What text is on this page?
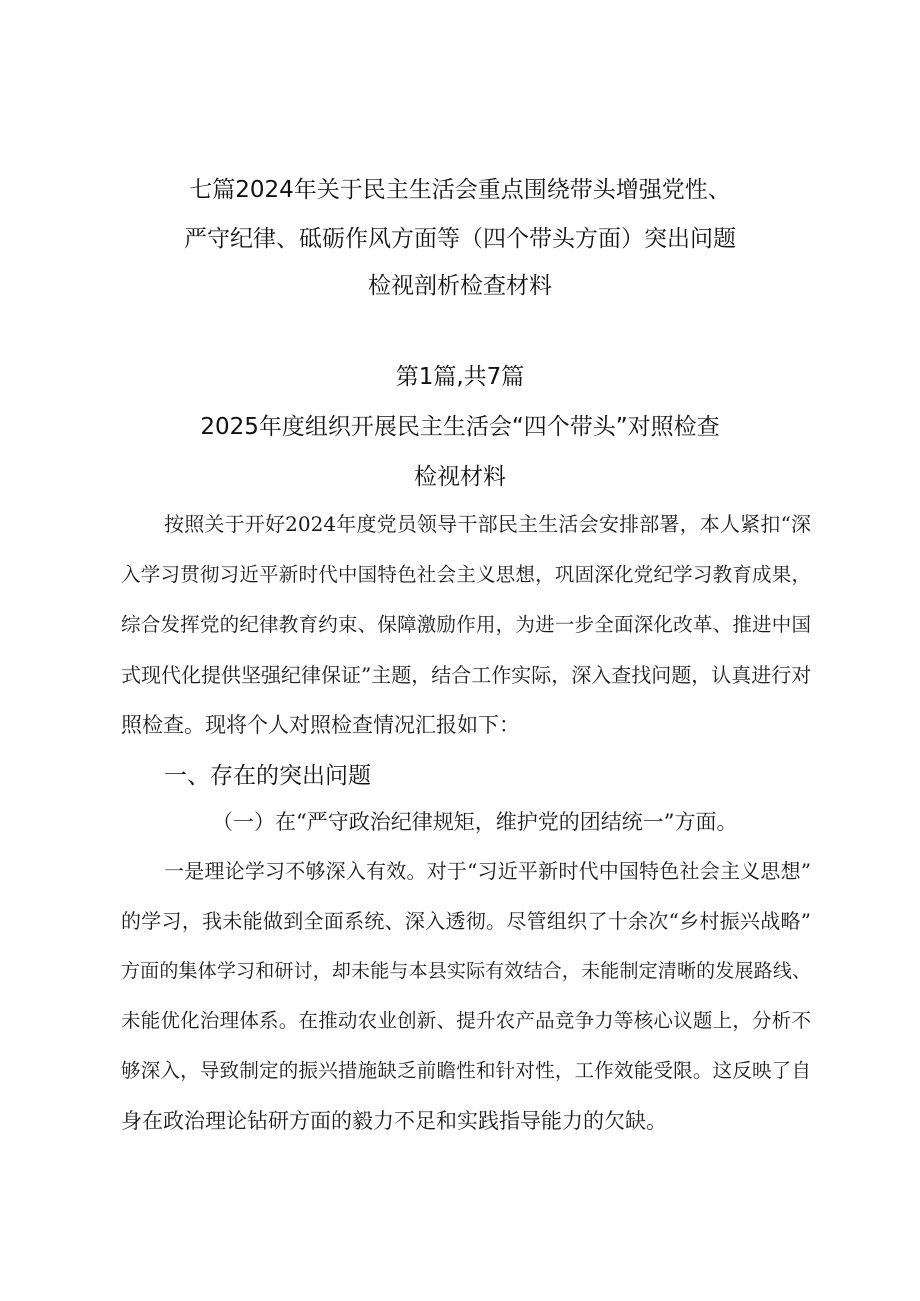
七篇2024年关于民主生活会重点围绕带头增强党性、
严守纪律、砥砺作风方面等（四个带头方面）突出问题
检视剖析检查材料
第1篇,共7篇
2025年度组织开展民主生活会“四个带头”对照检查
检视材料
按照关于开好2024年度党员领导干部民主生活会安排部署，本人紧扣“深
入学习贯彻习近平新时代中国特色社会主义思想，巩固深化党纪学习教育成果，
综合发挥党的纪律教育约束、保障激励作用，为进一步全面深化改革、推进中国
式现代化提供坚强纪律保证”主题，结合工作实际，深入查找问题，认真进行对
照检查。现将个人对照检查情况汇报如下：
一、存在的突出问题
（一）在“严守政治纪律规矩，维护党的团结统一”方面。
一是理论学习不够深入有效。对于“习近平新时代中国特色社会主义思想”
的学习，我未能做到全面系统、深入透彻。尽管组织了十余次“乡村振兴战略”
方面的集体学习和研讨，却未能与本县实际有效结合，未能制定清晰的发展路线、
未能优化治理体系。在推动农业创新、提升农产品竞争力等核心议题上，分析不
够深入，导致制定的振兴措施缺乏前瞻性和针对性，工作效能受限。这反映了自
身在政治理论钻研方面的毅力不足和实践指导能力的欠缺。
